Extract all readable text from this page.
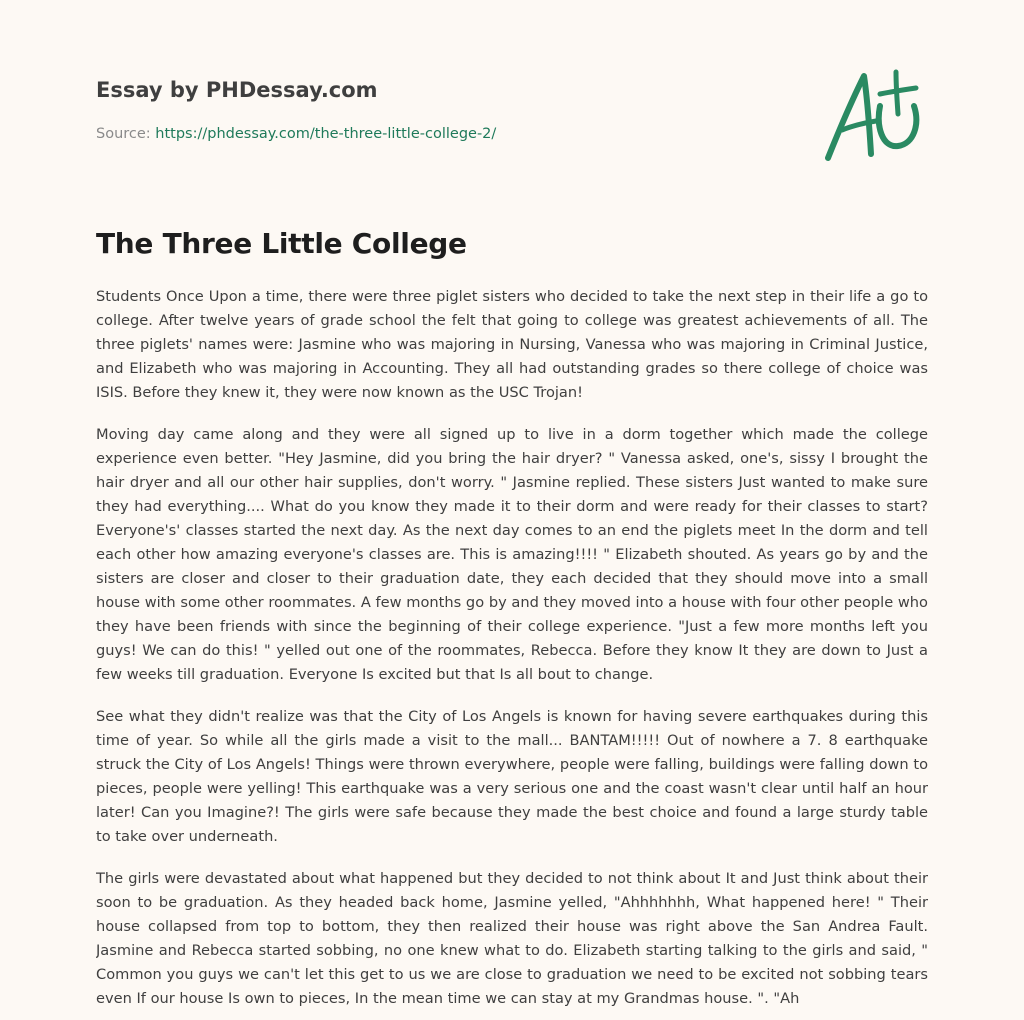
Essay by PHDessay.com
Source: https://phdessay.com/the-three-little-college-2/
The Three Little College

Students Once Upon a time, there were three piglet sisters who decided to take the next step in their life a go to college. After twelve years of grade school the felt that going to college was greatest achievements of all. The three piglets' names were: Jasmine who was majoring in Nursing, Vanessa who was majoring in Criminal Justice, and Elizabeth who was majoring in Accounting. They all had outstanding grades so there college of choice was ISIS. Before they knew it, they were now known as the USC Trojan!

Moving day came along and they were all signed up to live in a dorm together which made the college experience even better. "Hey Jasmine, did you bring the hair dryer? " Vanessa asked, one's, sissy I brought the hair dryer and all our other hair supplies, don't worry. " Jasmine replied. These sisters Just wanted to make sure they had everything.... What do you know they made it to their dorm and were ready for their classes to start? Everyone's' classes started the next day. As the next day comes to an end the piglets meet In the dorm and tell each other how amazing everyone's classes are. This is amazing!!!! " Elizabeth shouted. As years go by and the sisters are closer and closer to their graduation date, they each decided that they should move into a small house with some other roommates. A few months go by and they moved into a house with four other people who they have been friends with since the beginning of their college experience. "Just a few more months left you guys! We can do this! " yelled out one of the roommates, Rebecca. Before they know It they are down to Just a few weeks till graduation. Everyone Is excited but that Is all bout to change.

See what they didn't realize was that the City of Los Angels is known for having severe earthquakes during this time of year. So while all the girls made a visit to the mall... BANTAM!!!!! Out of nowhere a 7. 8 earthquake struck the City of Los Angels! Things were thrown everywhere, people were falling, buildings were falling down to pieces, people were yelling! This earthquake was a very serious one and the coast wasn't clear until half an hour later! Can you Imagine?! The girls were safe because they made the best choice and found a large sturdy table to take over underneath.

The girls were devastated about what happened but they decided to not think about It and Just think about their soon to be graduation. As they headed back home, Jasmine yelled, "Ahhhhhhh, What happened here! " Their house collapsed from top to bottom, they then realized their house was right above the San Andrea Fault. Jasmine and Rebecca started sobbing, no one knew what to do. Elizabeth starting talking to the girls and said, " Common you guys we can't let this get to us we are close to graduation we need to be excited not sobbing tears even If our house Is own to pieces, In the mean time we can stay at my Grandmas house. ". "Ah
